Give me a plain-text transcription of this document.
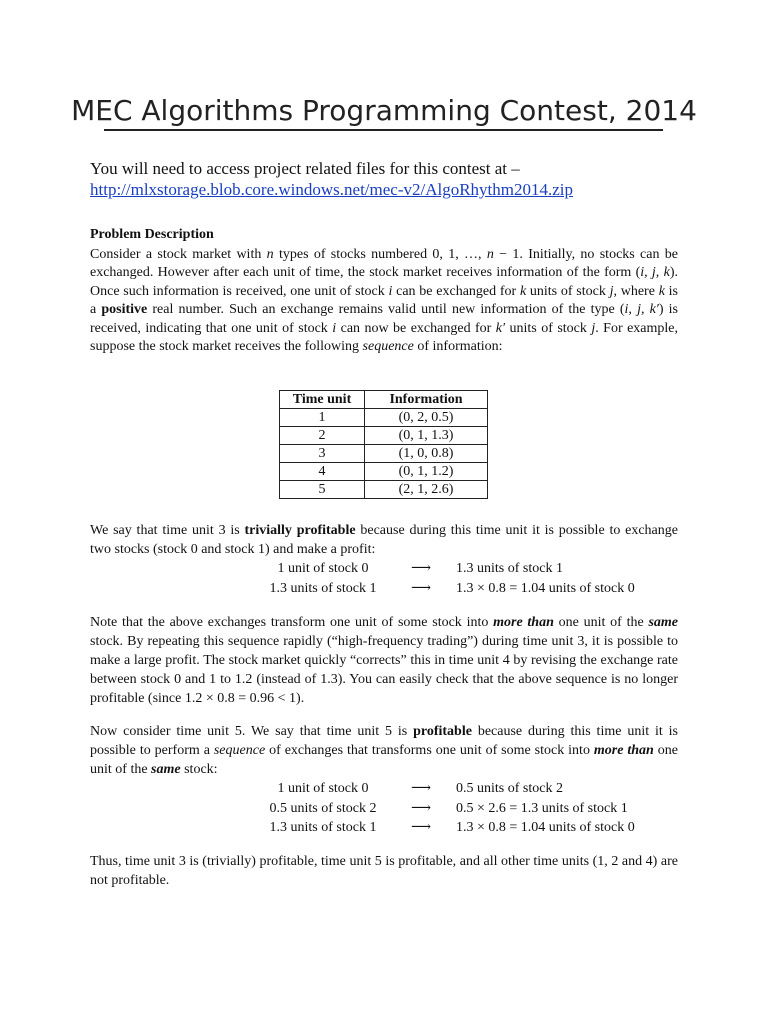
MEC Algorithms Programming Contest, 2014
You will need to access project related files for this contest at –
http://mlxstorage.blob.core.windows.net/mec-v2/AlgoRhythm2014.zip
Problem Description

Consider a stock market with n types of stocks numbered 0, 1, …, n − 1. Initially, no stocks can be exchanged. However after each unit of time, the stock market receives information of the form (i, j, k). Once such information is received, one unit of stock i can be exchanged for k units of stock j, where k is a positive real number. Such an exchange remains valid until new information of the type (i, j, k′) is received, indicating that one unit of stock i can now be exchanged for k′ units of stock j. For example, suppose the stock market receives the following sequence of information:

Time unit	Information
1	(0, 2, 0.5)
2	(0, 1, 1.3)
3	(1, 0, 0.8)
4	(0, 1, 1.2)
5	(2, 1, 2.6)

We say that time unit 3 is trivially profitable because during this time unit it is possible to exchange two stocks (stock 0 and stock 1) and make a profit:

1 unit of stock 0	⟶	1.3 units of stock 1
1.3 units of stock 1	⟶	1.3 × 0.8 = 1.04 units of stock 0

Note that the above exchanges transform one unit of some stock into more than one unit of the same stock. By repeating this sequence rapidly (“high-frequency trading”) during time unit 3, it is possible to make a large profit. The stock market quickly “corrects” this in time unit 4 by revising the exchange rate between stock 0 and 1 to 1.2 (instead of 1.3). You can easily check that the above sequence is no longer profitable (since 1.2 × 0.8 = 0.96 < 1).

Now consider time unit 5. We say that time unit 5 is profitable because during this time unit it is possible to perform a sequence of exchanges that transforms one unit of some stock into more than one unit of the same stock:

1 unit of stock 0	⟶	0.5 units of stock 2
0.5 units of stock 2	⟶	0.5 × 2.6 = 1.3 units of stock 1
1.3 units of stock 1	⟶	1.3 × 0.8 = 1.04 units of stock 0

Thus, time unit 3 is (trivially) profitable, time unit 5 is profitable, and all other time units (1, 2 and 4) are not profitable.
